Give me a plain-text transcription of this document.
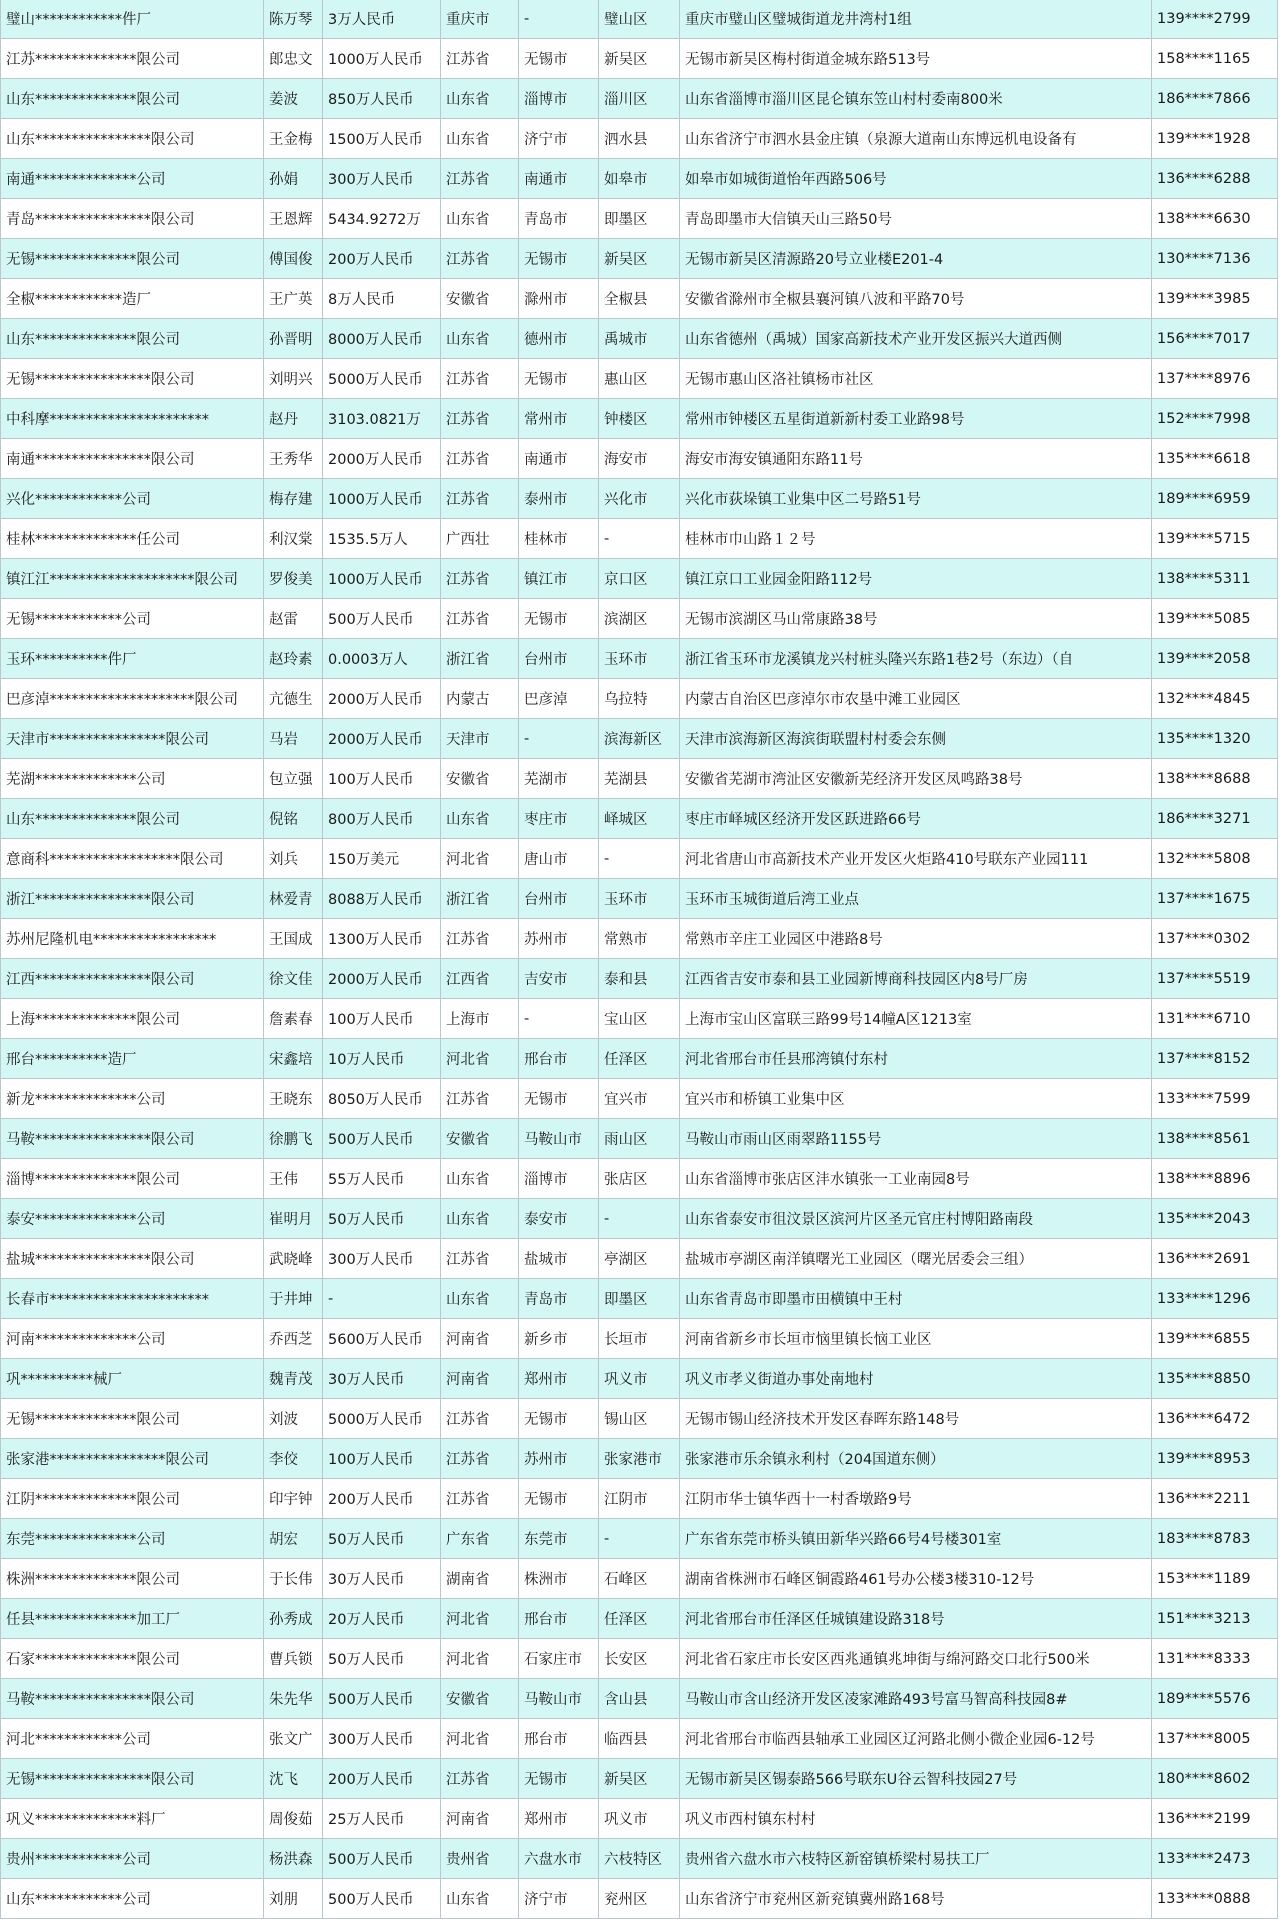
璧山************件厂	陈万琴	3万人民币	重庆市	-	璧山区	重庆市璧山区璧城街道龙井湾村1组	139****2799
江苏**************限公司	郎忠文	1000万人民币	江苏省	无锡市	新吴区	无锡市新吴区梅村街道金城东路513号	158****1165
山东**************限公司	姜波	850万人民币	山东省	淄博市	淄川区	山东省淄博市淄川区昆仑镇东笠山村村委南800米	186****7866
山东****************限公司	王金梅	1500万人民币	山东省	济宁市	泗水县	山东省济宁市泗水县金庄镇（泉源大道南山东博远机电设备有	139****1928
南通**************公司	孙娟	300万人民币	江苏省	南通市	如皋市	如皋市如城街道怡年西路506号	136****6288
青岛****************限公司	王恩辉	5434.9272万	山东省	青岛市	即墨区	青岛即墨市大信镇天山三路50号	138****6630
无锡**************限公司	傅国俊	200万人民币	江苏省	无锡市	新吴区	无锡市新吴区清源路20号立业楼E201-4	130****7136
全椒************造厂	王广英	8万人民币	安徽省	滁州市	全椒县	安徽省滁州市全椒县襄河镇八波和平路70号	139****3985
山东**************限公司	孙晋明	8000万人民币	山东省	德州市	禹城市	山东省德州（禹城）国家高新技术产业开发区振兴大道西侧	156****7017
无锡****************限公司	刘明兴	5000万人民币	江苏省	无锡市	惠山区	无锡市惠山区洛社镇杨市社区	137****8976
中科摩**********************	赵丹	3103.0821万	江苏省	常州市	钟楼区	常州市钟楼区五星街道新新村委工业路98号	152****7998
南通****************限公司	王秀华	2000万人民币	江苏省	南通市	海安市	海安市海安镇通阳东路11号	135****6618
兴化************公司	梅存建	1000万人民币	江苏省	泰州市	兴化市	兴化市荻垛镇工业集中区二号路51号	189****6959
桂林**************任公司	利汉棠	1535.5万人	广西壮	桂林市	-	桂林市巾山路１２号	139****5715
镇江江********************限公司	罗俊美	1000万人民币	江苏省	镇江市	京口区	镇江京口工业园金阳路112号	138****5311
无锡************公司	赵雷	500万人民币	江苏省	无锡市	滨湖区	无锡市滨湖区马山常康路38号	139****5085
玉环**********件厂	赵玲素	0.0003万人	浙江省	台州市	玉环市	浙江省玉环市龙溪镇龙兴村桩头隆兴东路1巷2号（东边）（自	139****2058
巴彦淖********************限公司	亢德生	2000万人民币	内蒙古	巴彦淖	乌拉特	内蒙古自治区巴彦淖尔市农垦中滩工业园区	132****4845
天津市****************限公司	马岩	2000万人民币	天津市	-	滨海新区	天津市滨海新区海滨街联盟村村委会东侧	135****1320
芜湖**************公司	包立强	100万人民币	安徽省	芜湖市	芜湖县	安徽省芜湖市湾沚区安徽新芜经济开发区凤鸣路38号	138****8688
山东**************限公司	倪铭	800万人民币	山东省	枣庄市	峄城区	枣庄市峄城区经济开发区跃进路66号	186****3271
意商科******************限公司	刘兵	150万美元	河北省	唐山市	-	河北省唐山市高新技术产业开发区火炬路410号联东产业园111	132****5808
浙江****************限公司	林爱青	8088万人民币	浙江省	台州市	玉环市	玉环市玉城街道后湾工业点	137****1675
苏州尼隆机电*****************	王国成	1300万人民币	江苏省	苏州市	常熟市	常熟市辛庄工业园区中港路8号	137****0302
江西****************限公司	徐文佳	2000万人民币	江西省	吉安市	泰和县	江西省吉安市泰和县工业园新博商科技园区内8号厂房	137****5519
上海**************限公司	詹素春	100万人民币	上海市	-	宝山区	上海市宝山区富联三路99号14幢A区1213室	131****6710
邢台**********造厂	宋鑫培	10万人民币	河北省	邢台市	任泽区	河北省邢台市任县邢湾镇付东村	137****8152
新龙**************公司	王晓东	8050万人民币	江苏省	无锡市	宜兴市	宜兴市和桥镇工业集中区	133****7599
马鞍****************限公司	徐鹏飞	500万人民币	安徽省	马鞍山市	雨山区	马鞍山市雨山区雨翠路1155号	138****8561
淄博**************限公司	王伟	55万人民币	山东省	淄博市	张店区	山东省淄博市张店区沣水镇张一工业南园8号	138****8896
泰安**************公司	崔明月	50万人民币	山东省	泰安市	-	山东省泰安市徂汶景区滨河片区圣元官庄村博阳路南段	135****2043
盐城****************限公司	武晓峰	300万人民币	江苏省	盐城市	亭湖区	盐城市亭湖区南洋镇曙光工业园区（曙光居委会三组）	136****2691
长春市**********************	于井坤	-	山东省	青岛市	即墨区	山东省青岛市即墨市田横镇中王村	133****1296
河南**************公司	乔西芝	5600万人民币	河南省	新乡市	长垣市	河南省新乡市长垣市恼里镇长恼工业区	139****6855
巩**********械厂	魏青茂	30万人民币	河南省	郑州市	巩义市	巩义市孝义街道办事处南地村	135****8850
无锡**************限公司	刘波	5000万人民币	江苏省	无锡市	锡山区	无锡市锡山经济技术开发区春晖东路148号	136****6472
张家港****************限公司	李佼	100万人民币	江苏省	苏州市	张家港市	张家港市乐余镇永利村（204国道东侧）	139****8953
江阴**************限公司	印宇钟	200万人民币	江苏省	无锡市	江阴市	江阴市华士镇华西十一村香墩路9号	136****2211
东莞**************公司	胡宏	50万人民币	广东省	东莞市	-	广东省东莞市桥头镇田新华兴路66号4号楼301室	183****8783
株洲**************限公司	于长伟	30万人民币	湖南省	株洲市	石峰区	湖南省株洲市石峰区铜霞路461号办公楼3楼310-12号	153****1189
任县**************加工厂	孙秀成	20万人民币	河北省	邢台市	任泽区	河北省邢台市任泽区任城镇建设路318号	151****3213
石家**************限公司	曹兵锁	50万人民币	河北省	石家庄市	长安区	河北省石家庄市长安区西兆通镇兆坤街与绵河路交口北行500米	131****8333
马鞍****************限公司	朱先华	500万人民币	安徽省	马鞍山市	含山县	马鞍山市含山经济开发区凌家滩路493号富马智高科技园8#	189****5576
河北************公司	张文广	300万人民币	河北省	邢台市	临西县	河北省邢台市临西县轴承工业园区辽河路北侧小微企业园6-12号	137****8005
无锡****************限公司	沈飞	200万人民币	江苏省	无锡市	新吴区	无锡市新吴区锡泰路566号联东U谷云智科技园27号	180****8602
巩义**************料厂	周俊茹	25万人民币	河南省	郑州市	巩义市	巩义市西村镇东村村	136****2199
贵州************公司	杨洪森	500万人民币	贵州省	六盘水市	六枝特区	贵州省六盘水市六枝特区新窑镇桥梁村易扶工厂	133****2473
山东************公司	刘朋	500万人民币	山东省	济宁市	兖州区	山东省济宁市兖州区新兖镇冀州路168号	133****0888
